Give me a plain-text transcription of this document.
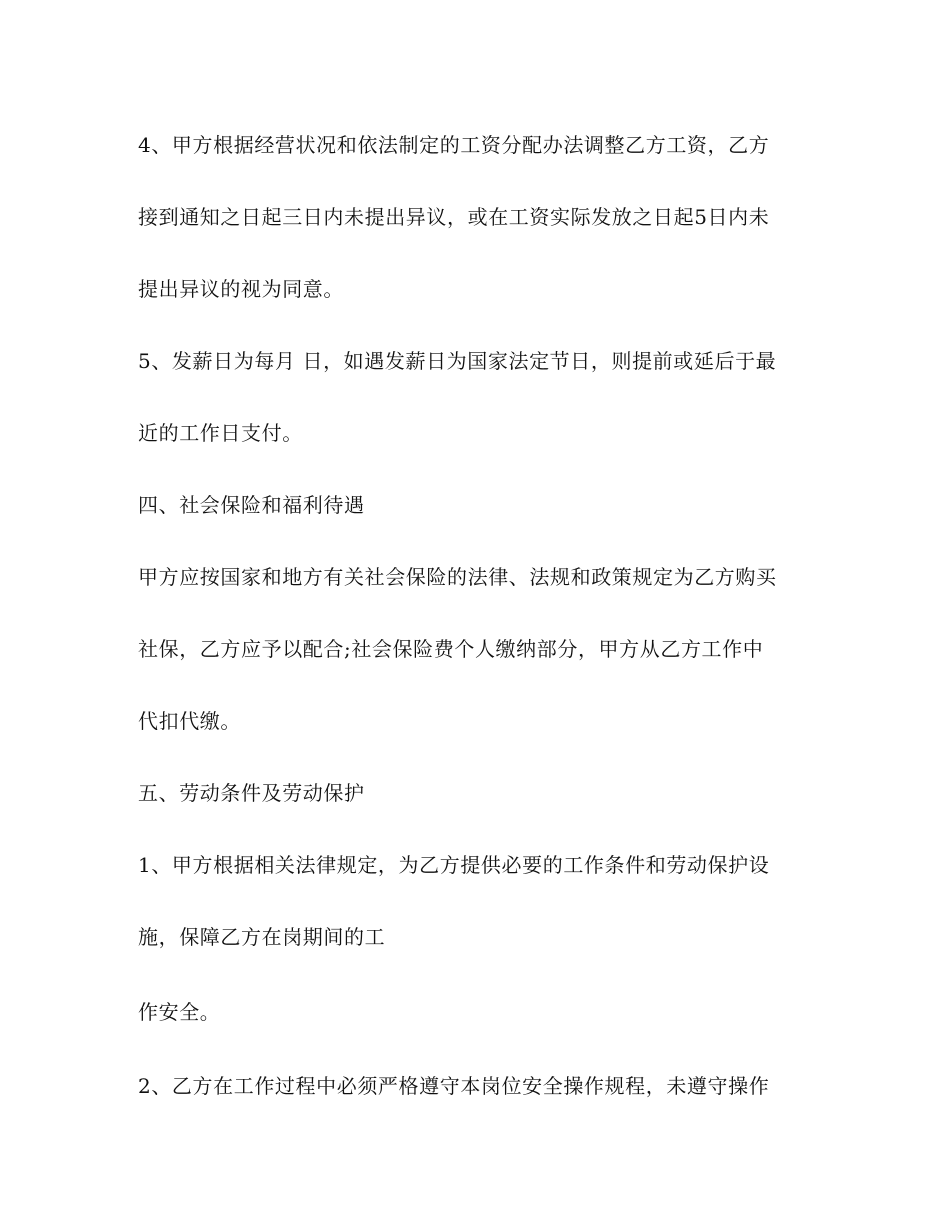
4、甲方根据经营状况和依法制定的工资分配办法调整乙方工资，乙方
接到通知之日起三日内未提出异议，或在工资实际发放之日起5日内未
提出异议的视为同意。
5、发薪日为每月 日，如遇发薪日为国家法定节日，则提前或延后于最
近的工作日支付。
四、社会保险和福利待遇
甲方应按国家和地方有关社会保险的法律、法规和政策规定为乙方购买
社保，乙方应予以配合;社会保险费个人缴纳部分，甲方从乙方工作中
代扣代缴。
五、劳动条件及劳动保护
1、甲方根据相关法律规定，为乙方提供必要的工作条件和劳动保护设
施，保障乙方在岗期间的工
作安全。
2、乙方在工作过程中必须严格遵守本岗位安全操作规程，未遵守操作
